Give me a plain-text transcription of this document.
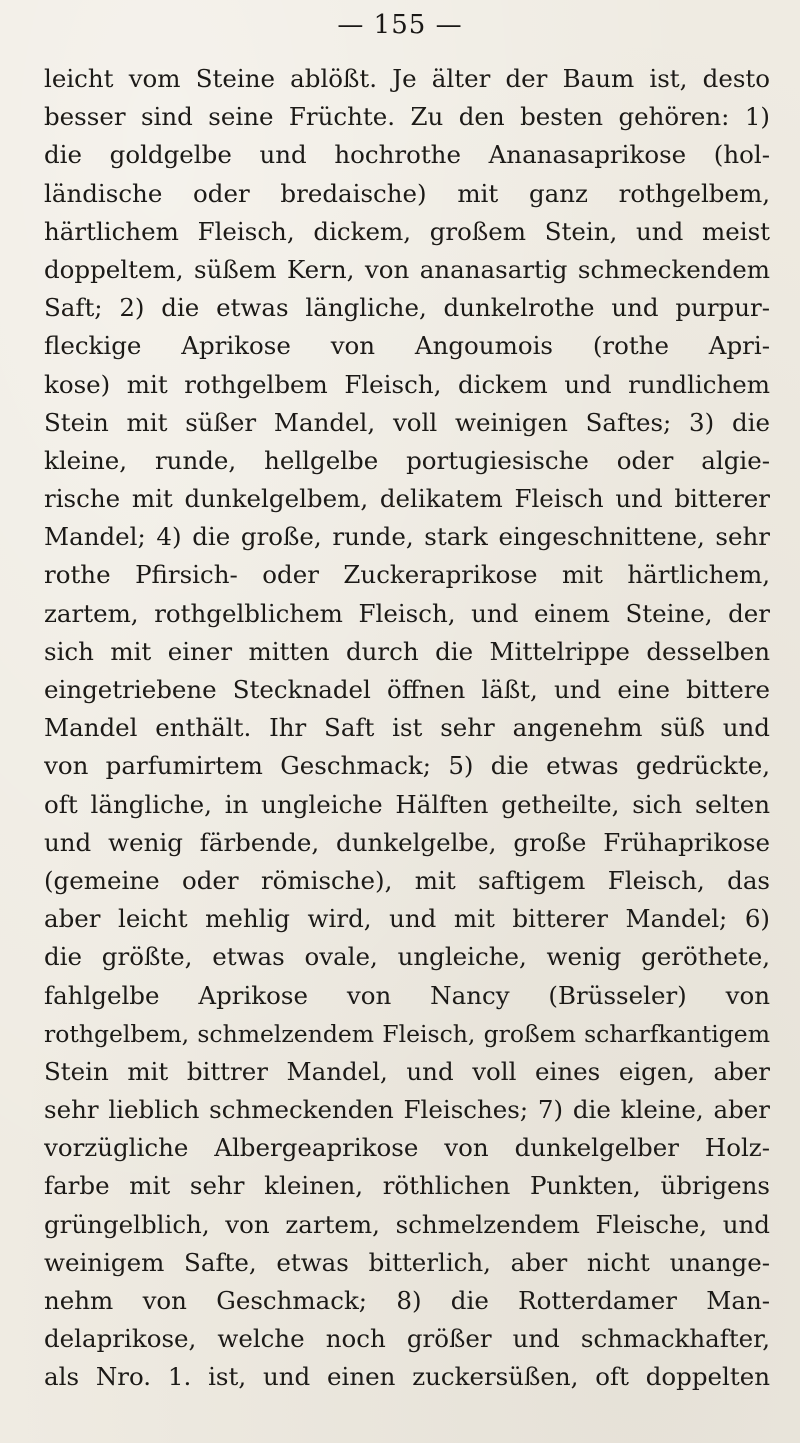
— 155 —
leicht vom Steine ablößt. Je älter der Baum ist, desto
besser sind seine Früchte. Zu den besten gehören: 1)
die goldgelbe und hochrothe Ananasaprikose (hol-
ländische oder bredaische) mit ganz rothgelbem,
härtlichem Fleisch, dickem, großem Stein, und meist
doppeltem, süßem Kern, von ananasartig schmeckendem
Saft; 2) die etwas längliche, dunkelrothe und purpur-
fleckige Aprikose von Angoumois (rothe Apri-
kose) mit rothgelbem Fleisch, dickem und rundlichem
Stein mit süßer Mandel, voll weinigen Saftes; 3) die
kleine, runde, hellgelbe portugiesische oder algie-
rische mit dunkelgelbem, delikatem Fleisch und bitterer
Mandel; 4) die große, runde, stark eingeschnittene, sehr
rothe Pfirsich- oder Zuckeraprikose mit härtlichem,
zartem, rothgelblichem Fleisch, und einem Steine, der
sich mit einer mitten durch die Mittelrippe desselben
eingetriebene Stecknadel öffnen läßt, und eine bittere
Mandel enthält. Ihr Saft ist sehr angenehm süß und
von parfumirtem Geschmack; 5) die etwas gedrückte,
oft längliche, in ungleiche Hälften getheilte, sich selten
und wenig färbende, dunkelgelbe, große Frühaprikose
(gemeine oder römische), mit saftigem Fleisch, das
aber leicht mehlig wird, und mit bitterer Mandel; 6)
die größte, etwas ovale, ungleiche, wenig geröthete,
fahlgelbe Aprikose von Nancy (Brüsseler) von
rothgelbem, schmelzendem Fleisch, großem scharfkantigem
Stein mit bittrer Mandel, und voll eines eigen, aber
sehr lieblich schmeckenden Fleisches; 7) die kleine, aber
vorzügliche Albergeaprikose von dunkelgelber Holz-
farbe mit sehr kleinen, röthlichen Punkten, übrigens
grüngelblich, von zartem, schmelzendem Fleische, und
weinigem Safte, etwas bitterlich, aber nicht unange-
nehm von Geschmack; 8) die Rotterdamer Man-
delaprikose, welche noch größer und schmackhafter,
als Nro. 1. ist, und einen zuckersüßen, oft doppelten
